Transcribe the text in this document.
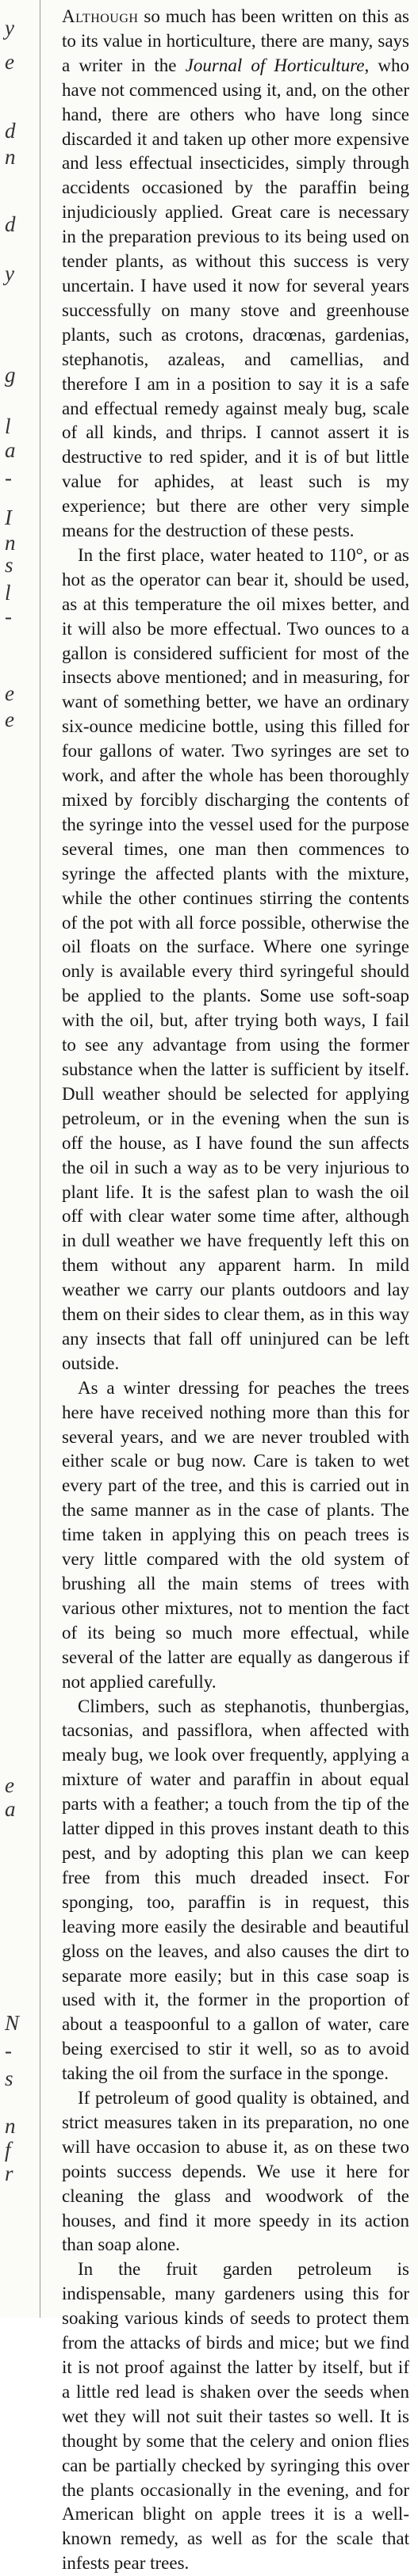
y
e
d
n
d
y
g
l
a
-
I
n
s
l
-
e
e
e
a
N
-
s
n
f
r

Although so much has been written on this as to its value in horticulture, there are many, says a writer in the Journal of Horticulture, who have not commenced using it, and, on the other hand, there are others who have long since discarded it and taken up other more expensive and less effectual insecticides, simply through accidents occasioned by the paraffin being injudiciously applied. Great care is necessary in the preparation previous to its being used on tender plants, as without this success is very uncertain. I have used it now for several years successfully on many stove and greenhouse plants, such as crotons, dracœnas, gardenias, stephanotis, azaleas, and camellias, and therefore I am in a position to say it is a safe and effectual remedy against mealy bug, scale of all kinds, and thrips. I cannot assert it is destructive to red spider, and it is of but little value for aphides, at least such is my experience; but there are other very simple means for the destruction of these pests.

In the first place, water heated to 110°, or as hot as the operator can bear it, should be used, as at this temperature the oil mixes better, and it will also be more effectual. Two ounces to a gallon is considered sufficient for most of the insects above mentioned; and in measuring, for want of something better, we have an ordinary six-ounce medicine bottle, using this filled for four gallons of water. Two syringes are set to work, and after the whole has been thoroughly mixed by forcibly discharging the contents of the syringe into the vessel used for the purpose several times, one man then commences to syringe the affected plants with the mixture, while the other continues stirring the contents of the pot with all force possible, otherwise the oil floats on the surface. Where one syringe only is available every third syringeful should be applied to the plants. Some use soft-soap with the oil, but, after trying both ways, I fail to see any advantage from using the former substance when the latter is sufficient by itself. Dull weather should be selected for applying petroleum, or in the evening when the sun is off the house, as I have found the sun affects the oil in such a way as to be very injurious to plant life. It is the safest plan to wash the oil off with clear water some time after, although in dull weather we have frequently left this on them without any apparent harm. In mild weather we carry our plants outdoors and lay them on their sides to clear them, as in this way any insects that fall off uninjured can be left outside.

As a winter dressing for peaches the trees here have received nothing more than this for several years, and we are never troubled with either scale or bug now. Care is taken to wet every part of the tree, and this is carried out in the same manner as in the case of plants. The time taken in applying this on peach trees is very little compared with the old system of brushing all the main stems of trees with various other mixtures, not to mention the fact of its being so much more effectual, while several of the latter are equally as dangerous if not applied carefully.

Climbers, such as stephanotis, thunbergias, tacsonias, and passiflora, when affected with mealy bug, we look over frequently, applying a mixture of water and paraffin in about equal parts with a feather; a touch from the tip of the latter dipped in this proves instant death to this pest, and by adopting this plan we can keep free from this much dreaded insect. For sponging, too, paraffin is in request, this leaving more easily the desirable and beautiful gloss on the leaves, and also causes the dirt to separate more easily; but in this case soap is used with it, the former in the proportion of about a teaspoonful to a gallon of water, care being exercised to stir it well, so as to avoid taking the oil from the surface in the sponge.

If petroleum of good quality is obtained, and strict measures taken in its preparation, no one will have occasion to abuse it, as on these two points success depends. We use it here for cleaning the glass and woodwork of the houses, and find it more speedy in its action than soap alone.

In the fruit garden petroleum is indispensable, many gardeners using this for soaking various kinds of seeds to protect them from the attacks of birds and mice; but we find it is not proof against the latter by itself, but if a little red lead is shaken over the seeds when wet they will not suit their tastes so well. It is thought by some that the celery and onion flies can be partially checked by syringing this over the plants occasionally in the evening, and for American blight on apple trees it is a well-known remedy, as well as for the scale that infests pear trees.
